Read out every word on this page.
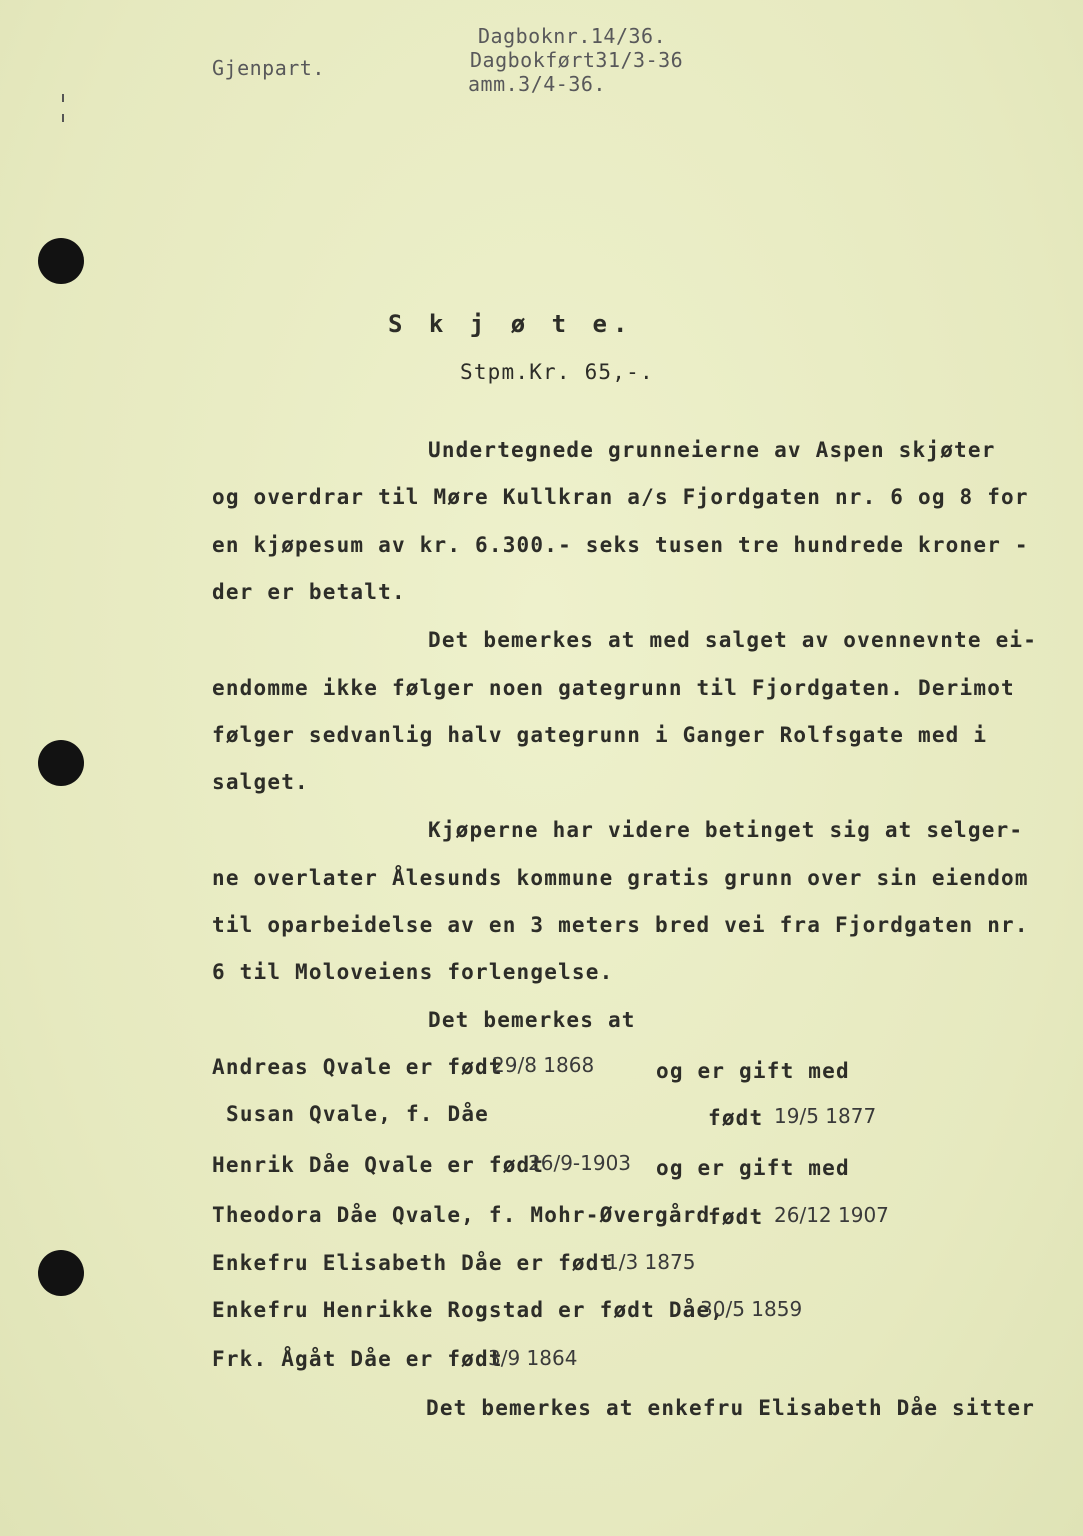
Gjenpart.
Dagboknr.14/36.
Dagbokført31/3-36
amm.3/4-36.
S k j ø t e.
Stpm.Kr. 65,-.
Undertegnede grunneierne av Aspen skjøter
og overdrar til Møre Kullkran a/s Fjordgaten nr. 6 og 8 for
en kjøpesum av kr. 6.300.- seks tusen tre hundrede kroner -
der er betalt.
Det bemerkes at med salget av ovennevnte ei-
endomme ikke følger noen gategrunn til Fjordgaten. Derimot
følger sedvanlig halv gategrunn i Ganger Rolfsgate med i
salget.
Kjøperne har videre betinget sig at selger-
ne overlater Ålesunds kommune gratis grunn over sin eiendom
til oparbeidelse av en 3 meters bred vei fra Fjordgaten nr.
6 til Moloveiens forlengelse.
Det bemerkes at
Andreas Qvale er født
29/8 1868	og er gift med
Susan Qvale, f. Dåe	født 19/5 1877
Henrik Dåe Qvale er født
26/9-1903 og er gift med
Theodora Dåe Qvale, f. Mohr-Øvergård
født 26/12 1907
Enkefru Elisabeth Dåe er født
1/3 1875
Enkefru Henrikke Rogstad er født Dåe,
30/5 1859
Frk. Ågåt Dåe er født
3/9 1864
Det bemerkes at enkefru Elisabeth Dåe sitter
